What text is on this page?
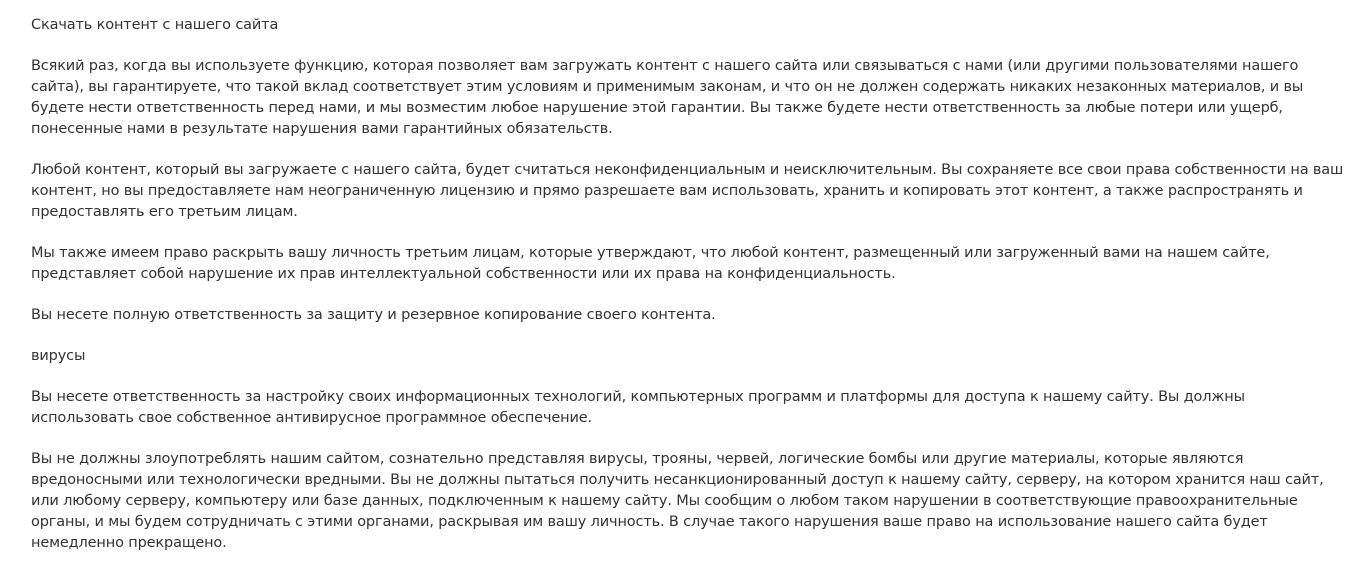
Скачать контент с нашего сайта

Всякий раз, когда вы используете функцию, которая позволяет вам загружать контент с нашего сайта или связываться с нами (или другими пользователями нашего сайта), вы гарантируете, что такой вклад соответствует этим условиям и применимым законам, и что он не должен содержать никаких незаконных материалов, и вы будете нести ответственность перед нами, и мы возместим любое нарушение этой гарантии. Вы также будете нести ответственность за любые потери или ущерб, понесенные нами в результате нарушения вами гарантийных обязательств.

Любой контент, который вы загружаете с нашего сайта, будет считаться неконфиденциальным и неисключительным. Вы сохраняете все свои права собственности на ваш контент, но вы предоставляете нам неограниченную лицензию и прямо разрешаете вам использовать, хранить и копировать этот контент, а также распространять и предоставлять его третьим лицам.

Мы также имеем право раскрыть вашу личность третьим лицам, которые утверждают, что любой контент, размещенный или загруженный вами на нашем сайте, представляет собой нарушение их прав интеллектуальной собственности или их права на конфиденциальность.

Вы несете полную ответственность за защиту и резервное копирование своего контента.

вирусы

Вы несете ответственность за настройку своих информационных технологий, компьютерных программ и платформы для доступа к нашему сайту. Вы должны использовать свое собственное антивирусное программное обеспечение.

Вы не должны злоупотреблять нашим сайтом, сознательно представляя вирусы, трояны, червей, логические бомбы или другие материалы, которые являются вредоносными или технологически вредными. Вы не должны пытаться получить несанкционированный доступ к нашему сайту, серверу, на котором хранится наш сайт, или любому серверу, компьютеру или базе данных, подключенным к нашему сайту. Мы сообщим о любом таком нарушении в соответствующие правоохранительные органы, и мы будем сотрудничать с этими органами, раскрывая им вашу личность. В случае такого нарушения ваше право на использование нашего сайта будет немедленно прекращено.
